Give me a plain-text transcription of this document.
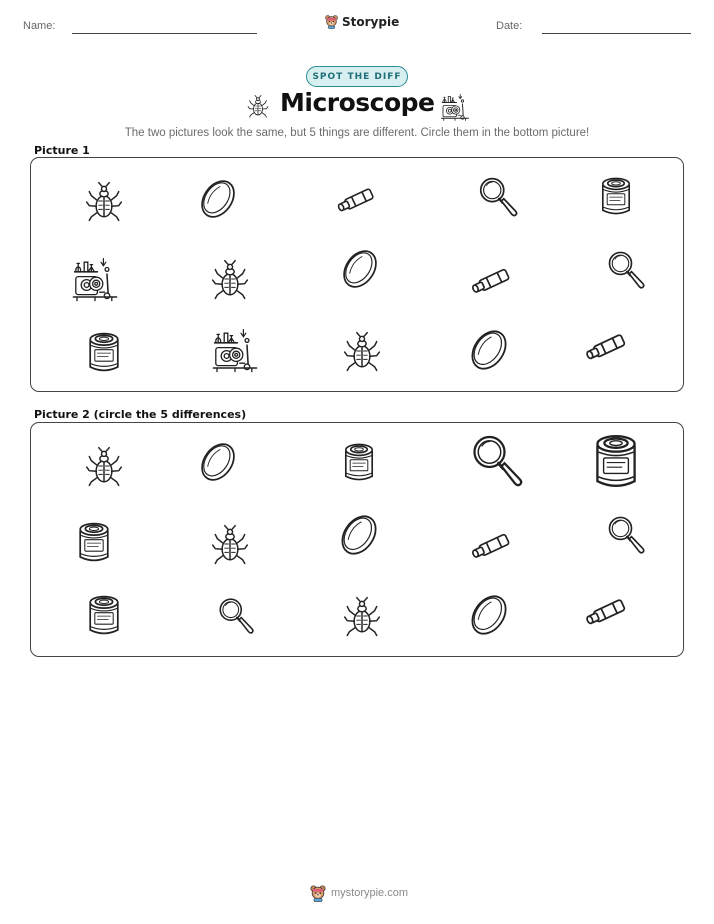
Name:	Storypie	Date:
SPOT THE DIFF
Microscope
The two pictures look the same, but 5 things are different. Circle them in the bottom picture!
Picture 1
Picture 2 (circle the 5 differences)
mystorypie.com
